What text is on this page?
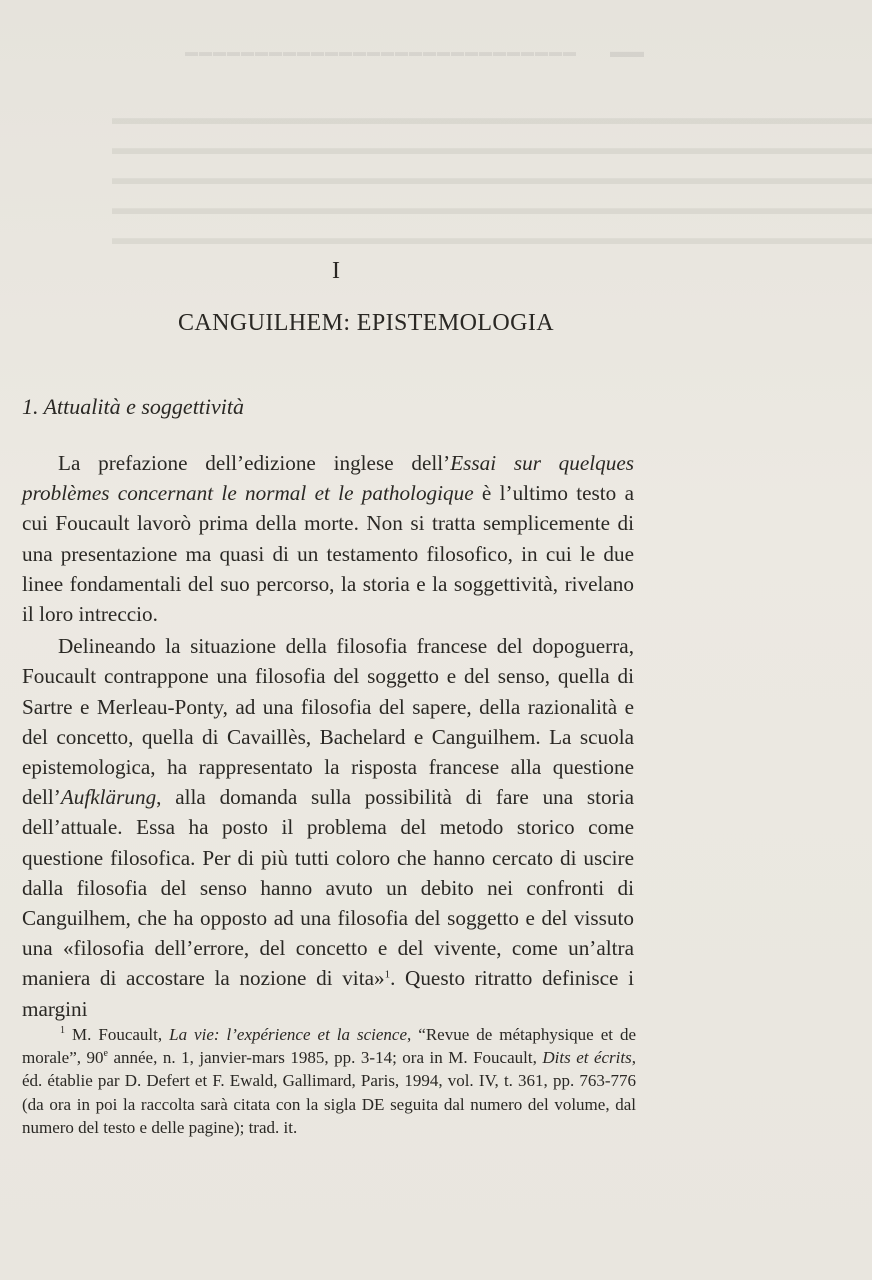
▬▬▬▬▬▬▬▬▬▬▬▬▬▬▬▬▬▬▬▬▬▬▬▬▬▬▬▬ ▬▬
▬▬▬▬▬▬▬▬▬▬▬▬▬▬▬▬▬▬▬▬▬▬▬▬▬▬▬▬▬▬▬▬▬▬▬▬▬▬▬▬
▬▬▬▬▬▬▬▬▬▬▬▬▬▬▬▬▬▬▬▬▬▬▬▬▬▬▬▬▬▬▬▬▬▬▬▬▬▬▬▬
▬▬▬▬▬▬▬▬▬▬▬▬▬▬▬▬▬▬▬▬▬▬▬▬▬▬▬▬▬▬▬▬▬▬▬▬▬▬▬▬
▬▬▬▬▬▬▬▬▬▬▬▬▬▬▬▬▬▬▬▬▬▬▬▬▬▬▬▬▬▬▬▬▬▬▬▬▬▬▬▬
▬▬▬▬▬▬▬▬▬▬▬▬▬▬▬▬▬▬▬▬▬▬▬▬▬▬▬▬▬▬▬▬▬▬▬▬▬▬▬▬
I
CANGUILHEM: EPISTEMOLOGIA
1. Attualità e soggettività

La prefazione dell’edizione inglese dell’Essai sur quelques problèmes concernant le normal et le pathologique è l’ultimo testo a cui Foucault lavorò prima della morte. Non si tratta semplicemente di una presentazione ma quasi di un testamento filosofico, in cui le due linee fondamentali del suo percorso, la storia e la soggettività, rivelano il loro intreccio.

Delineando la situazione della filosofia francese del dopoguerra, Foucault contrappone una filosofia del soggetto e del senso, quella di Sartre e Merleau-Ponty, ad una filosofia del sapere, della razionalità e del concetto, quella di Cavaillès, Bachelard e Canguilhem. La scuola epistemologica, ha rappresentato la risposta francese alla questione dell’Aufklärung, alla domanda sulla possibilità di fare una storia dell’attuale. Essa ha posto il problema del metodo storico come questione filosofica. Per di più tutti coloro che hanno cercato di uscire dalla filosofia del senso hanno avuto un debito nei confronti di Canguilhem, che ha opposto ad una filosofia del soggetto e del vissuto una «filosofia dell’errore, del concetto e del vivente, come un’altra maniera di accostare la nozione di vita»$^1$. Questo ritratto definisce i margini

$^1$ M. Foucault, La vie: l’expérience et la science, “Revue de métaphysique et de morale”, 90e année, n. 1, janvier-mars 1985, pp. 3-14; ora in M. Foucault, Dits et écrits, éd. établie par D. Defert et F. Ewald, Gallimard, Paris, 1994, vol. IV, t. 361, pp. 763-776 (da ora in poi la raccolta sarà citata con la sigla DE seguita dal numero del volume, dal numero del testo e delle pagine); trad. it.
